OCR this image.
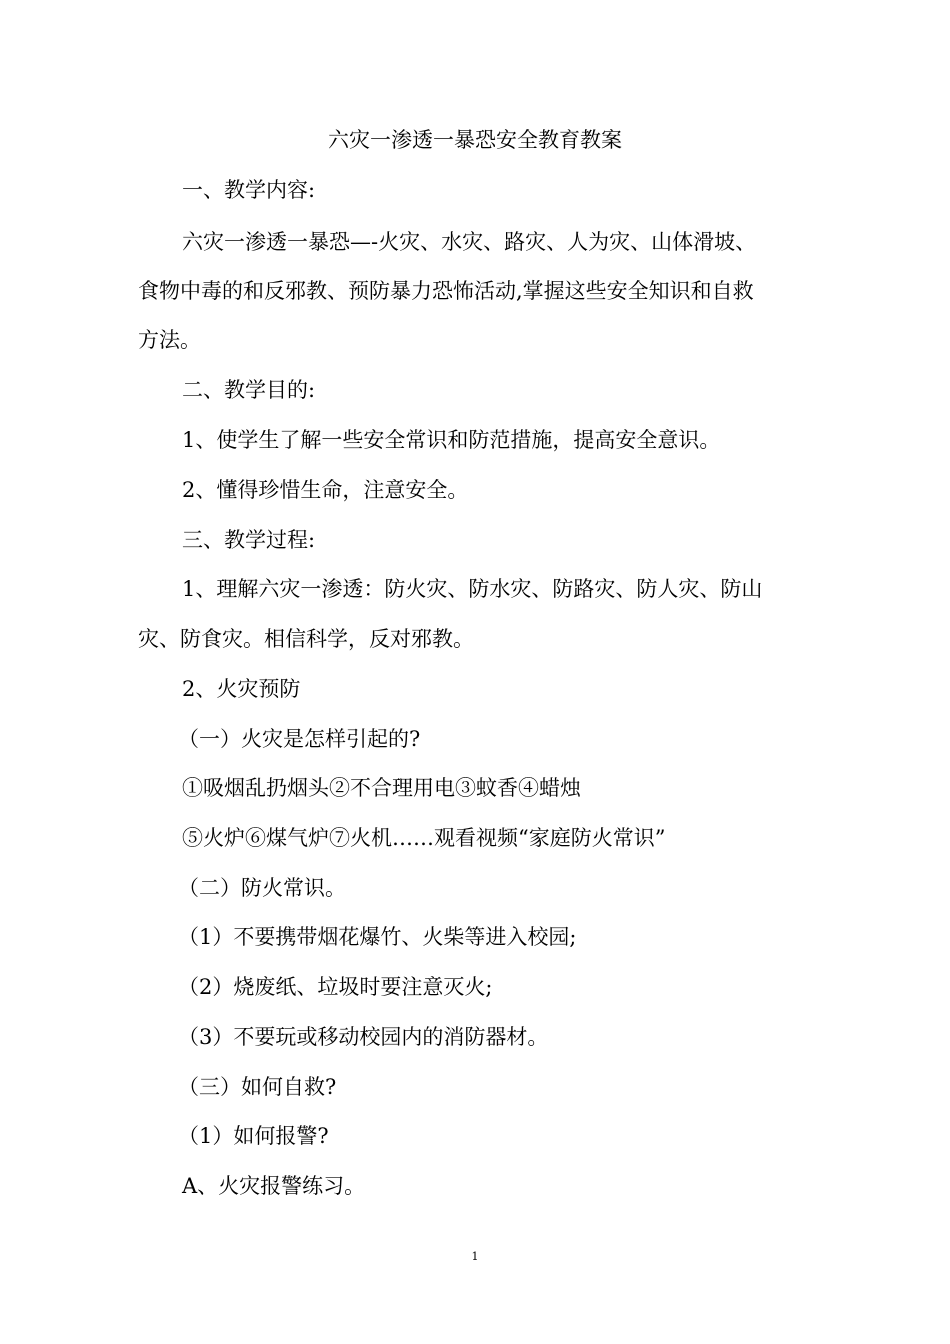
六灾一渗透一暴恐安全教育教案
一、教学内容:
六灾一渗透一暴恐—-火灾、水灾、路灾、人为灾、山体滑坡、
食物中毒的和反邪教、预防暴力恐怖活动,掌握这些安全知识和自救
方法。
二、教学目的:
1、使学生了解一些安全常识和防范措施，提高安全意识。
2、懂得珍惜生命，注意安全。
三、教学过程:
1、理解六灾一渗透：防火灾、防水灾、防路灾、防人灾、防山
灾、防食灾。相信科学，反对邪教。
2、火灾预防
（一）火灾是怎样引起的?
①吸烟乱扔烟头②不合理用电③蚊香④蜡烛
⑤火炉⑥煤气炉⑦火机……观看视频“家庭防火常识”
（二）防火常识。
（1）不要携带烟花爆竹、火柴等进入校园;
（2）烧废纸、垃圾时要注意灭火;
（3）不要玩或移动校园内的消防器材。
（三）如何自救?
（1）如何报警?
A、火灾报警练习。
1
